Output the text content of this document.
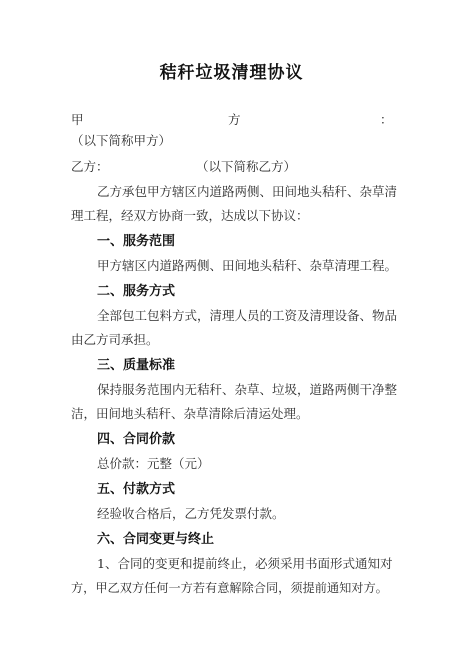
秸秆垃圾清理协议
甲	方	：
（以下简称甲方）
乙方：	（以下简称乙方）
乙方承包甲方辖区内道路两侧、田间地头秸秆、杂草清
理工程，经双方协商一致，达成以下协议：
一、服务范围
甲方辖区内道路两侧、田间地头秸秆、杂草清理工程。
二、服务方式
全部包工包料方式，清理人员的工资及清理设备、物品
由乙方司承担。
三、质量标准
保持服务范围内无秸秆、杂草、垃圾，道路两侧干净整
洁，田间地头秸秆、杂草清除后清运处理。
四、合同价款
总价款：元整（元）
五、付款方式
经验收合格后，乙方凭发票付款。
六、合同变更与终止
1、合同的变更和提前终止，必须采用书面形式通知对
方，甲乙双方任何一方若有意解除合同，须提前通知对方。
